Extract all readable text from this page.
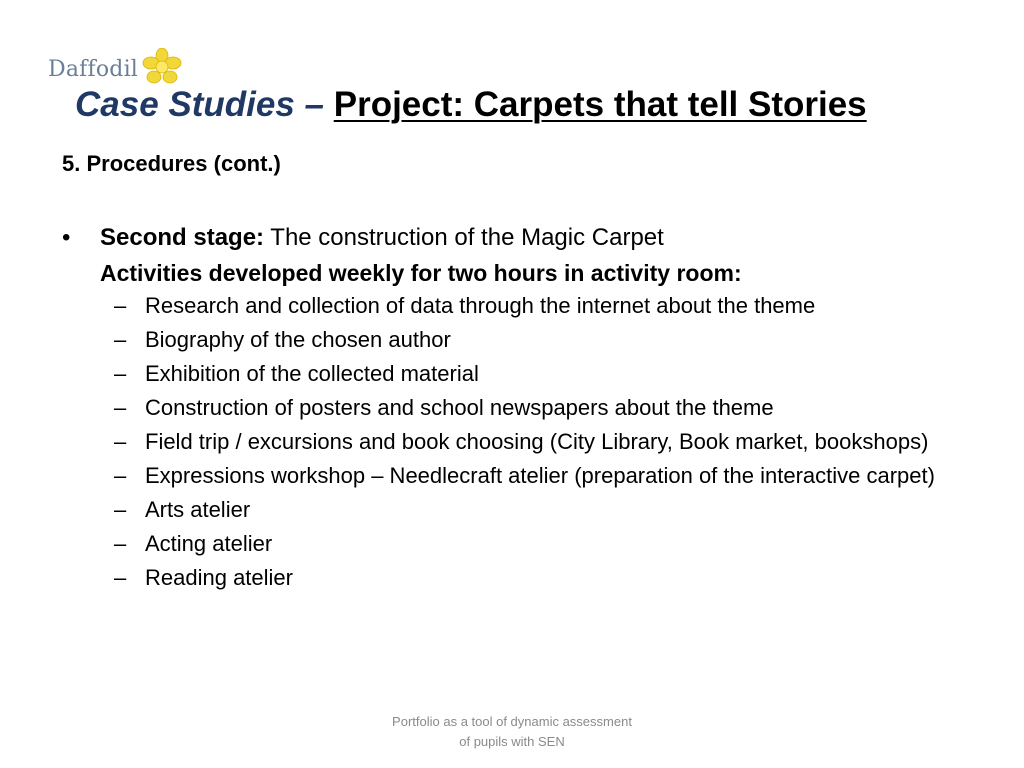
Daffodil
Case Studies – Project: Carpets that tell Stories
5. Procedures (cont.)
•	Second stage: The construction of the Magic Carpet
Activities developed weekly for two hours in activity room:
– Research and collection of data through the internet about the theme
– Biography of the chosen author
– Exhibition of the collected material
– Construction of posters and school newspapers about the theme
– Field trip / excursions and book choosing (City Library, Book market, bookshops)
– Expressions workshop – Needlecraft atelier (preparation of the interactive carpet)
– Arts atelier
– Acting atelier
– Reading atelier
Portfolio as a tool of dynamic assessment
of pupils with SEN
